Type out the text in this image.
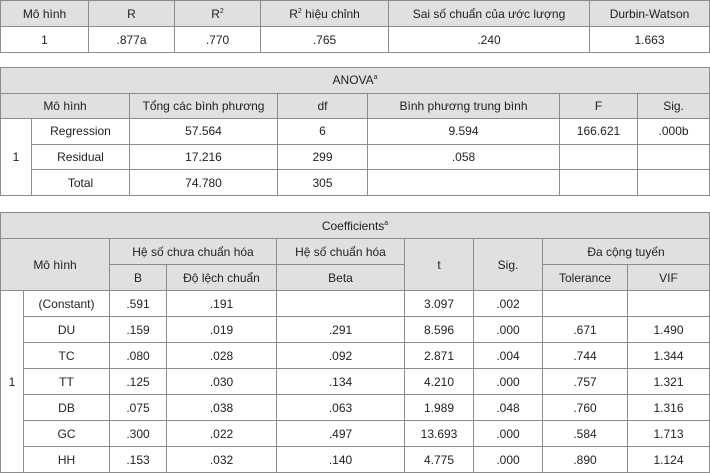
Mô hình	R	$R^2$	$R^2$ hiệu chỉnh	Sai số chuẩn của ước lượng	Durbin-Watson
1	.877a	.770	.765	.240	1.663
ANOVA$^a$
Mô hình		Tổng các bình phương	df	Bình phương trung bình	F	Sig.
1	Regression	57.564	6	9.594	166.621	.000b
	Residual	17.216	299	.058		
	Total	74.780	305			
Coefficients$^a$
Mô hình		Hệ số chưa chuẩn hóa		Hệ số chuẩn hóa	t	Sig.	Đa cộng tuyến	
		B	Độ lệch chuẩn	Beta			Tolerance	VIF
1	(Constant)	.591	.191		3.097	.002		
	DU	.159	.019	.291	8.596	.000	.671	1.490
	TC	.080	.028	.092	2.871	.004	.744	1.344
	TT	.125	.030	.134	4.210	.000	.757	1.321
	DB	.075	.038	.063	1.989	.048	.760	1.316
	GC	.300	.022	.497	13.693	.000	.584	1.713
	HH	.153	.032	.140	4.775	.000	.890	1.124
